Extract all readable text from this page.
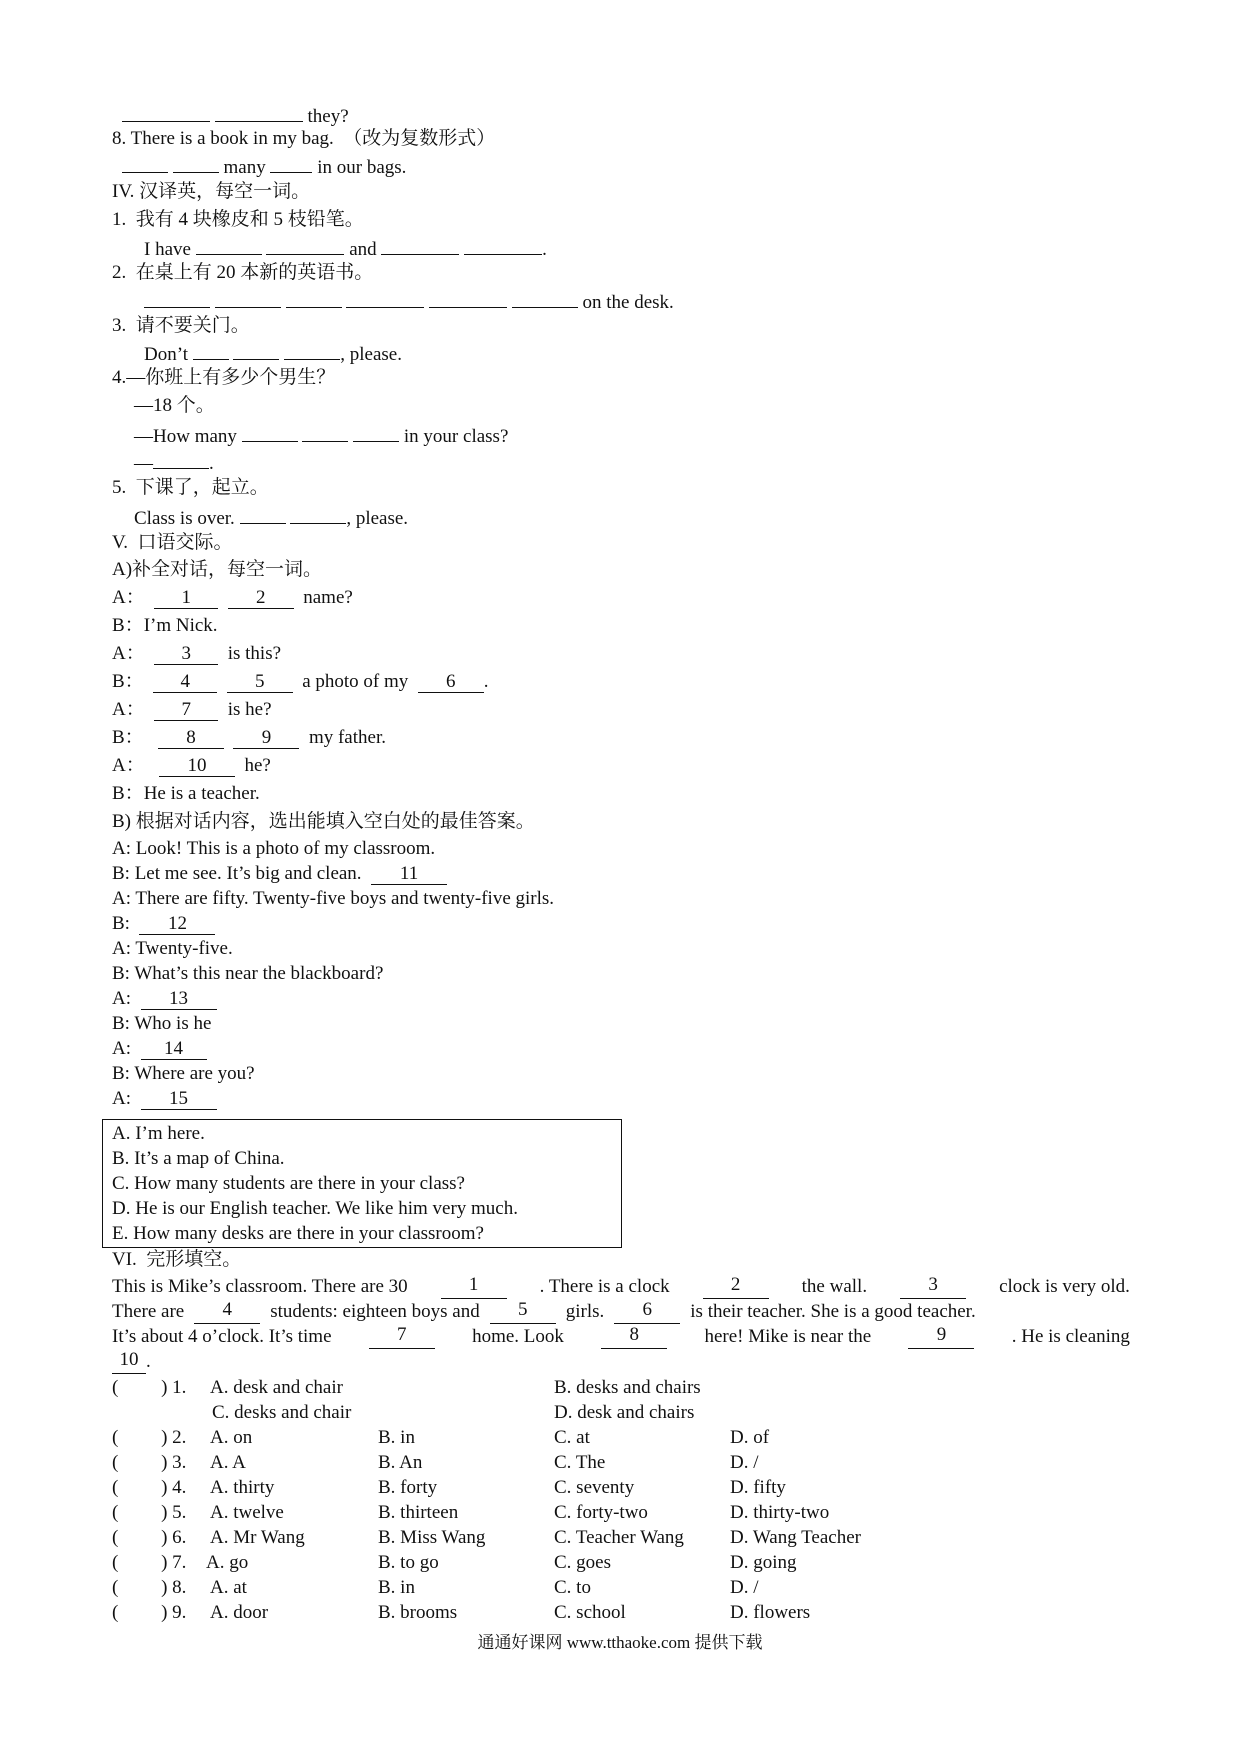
they?
8. There is a book in my bag.  （改为复数形式）
many	in our bags.
IV. 汉译英，每空一词。
1.  我有 4 块橡皮和 5 枝铅笔。
I have	and	.
2.  在桌上有 20 本新的英语书。
on the desk.
3.  请不要关门。
Don’t	, please.
4.—你班上有多少个男生？
—18 个。
—How many	in your class?
—	.
5.  下课了，起立。
Class is over.	, please.
V.  口语交际。
A)补全对话，每空一词。
A： 1	2 name?
B：I’m Nick.
A： 3 is this?
B： 4	5 a photo of my 6 .
A： 7 is he?
B： 8	9 my father.
A： 10 he?
B：He is a teacher.
B) 根据对话内容，选出能填入空白处的最佳答案。
A: Look! This is a photo of my classroom.
B: Let me see. It’s big and clean. 11
A: There are fifty. Twenty-five boys and twenty-five girls.
B: 12
A: Twenty-five.
B: What’s this near the blackboard?
A: 13
B: Who is he
A: 14
B: Where are you?
A: 15
A. I’m here.
B. It’s a map of China.
C. How many students are there in your class?
D. He is our English teacher. We like him very much.
E. How many desks are there in your classroom?
VI.  完形填空。
This is Mike’s classroom. There are 30	1	. There is a clock	2	the wall.	3	clock is very old.
There are	4	students: eighteen boys and	5	girls.	6	is their teacher. She is a good teacher.
It’s about 4 o’clock. It’s time	7	home. Look	8	here! Mike is near the	9	. He is cleaning
10 .
( 　　) 1. A. desk and chair	B. desks and chairs
C. desks and chair	D. desk and chairs
( 　　) 2. A. on	B. in	C. at	D. of
( 　　) 3. A. A	B. An	C. The	D. /
( 　　) 4. A. thirty	B. forty	C. seventy	D. fifty
( 　　) 5. A. twelve	B. thirteen	C. forty-two	D. thirty-two
( 　　) 6. A. Mr Wang	B. Miss Wang	C. Teacher Wang D. Wang Teacher
( 　　) 7. A. go	B. to go	C. goes	D. going
( 　　) 8. A. at	B. in	C. to	D. /
( 　　) 9. A. door	B. brooms	C. school	D. flowers
通通好课网 www.tthaoke.com 提供下载
